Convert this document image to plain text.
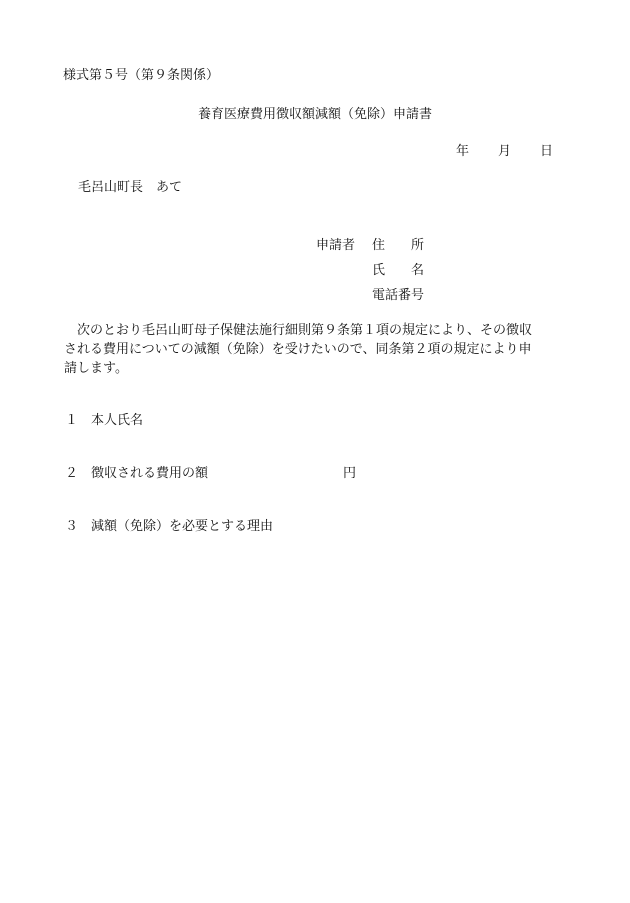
様式第５号（第９条関係）
養育医療費用徴収額減額（免除）申請書
年 月 日
毛呂山町長　あて
申請者 住　　所
氏　　名
電話番号
次のとおり毛呂山町母子保健法施行細則第９条第１項の規定により、その徴収
される費用についての減額（免除）を受けたいので、同条第２項の規定により申
請します。
１ 本人氏名
２ 徴収される費用の額	円
３ 減額（免除）を必要とする理由
